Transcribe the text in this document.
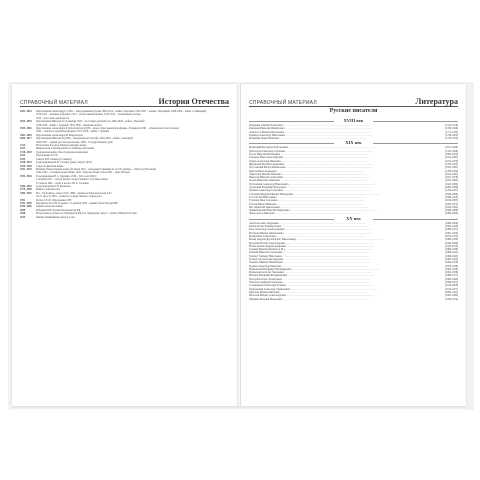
СПРАВОЧНЫЙ МАТЕРИАЛ	История Отечества
1801–1825	Царствование Александра I (1801 – присоединение Грузии 1804-1813 – война с Персией; 1805-1807 – войны с Францией; 1808-1809 – война со Швецией)
1810-1812 – военные реформы; 1812 – Отечественная война; 1813-1814 – заграничные походы
1825 – восстание декабристов
1825–1855	Царствование Николая I (14 декабря 1825 – восстание декабристов; 1826-1828 – война с Персией)
1828-1829 – война с Турцией; 1853-1856 – Крымская война
1855–1881	Царствование Александра II Освободителя (1856 – начало Крестьянской реформы, 19 февраля 1861 – отмена крепостного права)
1864 – земская и судебная реформы; 1877-1878 – война с Турцией
1881–1894	Царствование Александра III Миротворца
1894–1917	Царствование Николая II (1896 – Ходынская катастрофа, 1904-1905 – война с Японией)
1905-1907 – первая русская революция; 1906 – Государственная дума
1914	Вступление России в Первую мировую войну
1917	Февральская и Октябрьская (25 октября) революции
1918–1920	Гражданская война. Иностранная интервенция
1922	Образование СССР
1924	Смерть В.И. Ленина (21 января)
1928–1953	Годы правления И.В. Сталина (умер 5 марта 1953)
1939–1940	Советско-финская война
1941–1945	Великая Отечественная война (22 июня 1941 – нападение Германии на СССР, декабрь – битва под Москвой)
1942-1943 – Сталинградская битва; 1943 – Курская битва; 9 мая 1945 – День Победы
1953–1964	Годы правления Н.С. Хрущёва. 1956 – XX съезд КПСС
4 октября 1957 – запуск первого искусственного спутника Земли
12 апреля 1961 – полёт в космос Ю.А. Гагарина
1964–1982	Годы правления Л.И. Брежнева
1979–1989	Война в Афганистане
1985–1991	М.С. Горбачёв во главе СССР. 1986 – авария на Чернобыльской АЭС
19-21 августа 1991 – попытка государственного переворота
1991	Распад СССР. Образование СНГ
1991–1999	Президентство Б.Н. Ельцина. 12 декабря 1993 – принята Конституция РФ
1994–1996	Первая чеченская война
2000	Избрание В.В. Путина Президентом РФ
2008	Вступление в должность Президента РФ Д.А. Медведева; август – война в Южной Осетии
2014	Зимние Олимпийские игры в Сочи
СПРАВОЧНЫЙ МАТЕРИАЛ	Литература
Русские писатели
XVIII век
Державин Гавриил Романович .....	(1743-1816)
Карамзин Николай Михайлович .....	(1766-1826)
Ломоносов Михаил Васильевич .....	(1711-1765)
Радищев Александр Николаевич .....	(1749-1802)
Фонвизин Денис Иванович .....	(1745-1792)
XIX век
Белинский Виссарион Григорьевич .....	(1811-1848)
Грибоедов Александр Сергеевич .....	(1795-1829)
Гоголь Николай Васильевич .....	(1809-1852)
Гончаров Иван Александрович .....	(1812-1891)
Герцен Александр Иванович .....	(1812-1870)
Жуковский Василий Андреевич .....	(1783-1852)
Достоевский Фёдор Михайлович .....	(1821-1881)
Крылов Иван Андреевич .....	(1769-1844)
Лермонтов Михаил Юрьевич .....	(1814-1841)
Некрасов Николай Алексеевич .....	(1821-1878)
Лесков Николай Семёнович .....	(1831-1895)
Островский Александр Николаевич .....	(1823-1886)
Одоевский Владимир Фёдорович .....	(1803-1869)
Пушкин Александр Сергеевич .....	(1799-1837)
Салтыков-Щедрин Михаил Евграфович .....	(1826-1889)
Толстой Лев Николаевич .....	(1828-1910)
Тургенев Иван Сергеевич .....	(1818-1883)
Тютчев Фёдор Иванович .....	(1803-1873)
Фет Афанасий Афанасьевич .....	(1820-1892)
Чернышевский Николай Гаврилович .....	(1828-1889)
Чехов Антон Павлович .....	(1860-1904)
XX век
Ахматова Анна Андреевна .....	(1889-1966)
Бабель Исаак Эммануилович .....	(1894-1940)
Блок Александр Александрович .....	(1880-1921)
Булгаков Михаил Афанасьевич .....	(1891-1940)
Бунин Иван Алексеевич .....	(1870-1953)
Белый Андрей (Бугаев Борис Николаевич) .....	(1880-1934)
Бродский Иосиф Александрович .....	(1940-1996)
Вознесенский Андрей Андреевич .....	(1933-2010)
Горький Максим (Пешков А.М.) .....	(1868-1936)
Гумилёв Николай Степанович .....	(1886-1921)
Гиппиус Зинаида Николаевна .....	(1869-1945)
Есенин Сергей Александрович .....	(1895-1925)
Зощенко Михаил Михайлович .....	(1894-1958)
Куприн Александр Иванович .....	(1870-1938)
Маяковский Владимир Владимирович .....	(1893-1930)
Мандельштам Осип Эмильевич .....	(1891-1938)
Набоков Владимир Владимирович .....	(1899-1977)
Пастернак Борис Леонидович .....	(1890-1960)
Платонов Андрей Платонович .....	(1899-1951)
Солженицын Александр Исаевич .....	(1918-2008)
Твардовский Александр Трифонович .....	(1910-1971)
Цветаева Марина Ивановна .....	(1892-1941)
Шолохов Михаил Александрович .....	(1905-1984)
Шукшин Василий Макарович .....	(1929-1974)
